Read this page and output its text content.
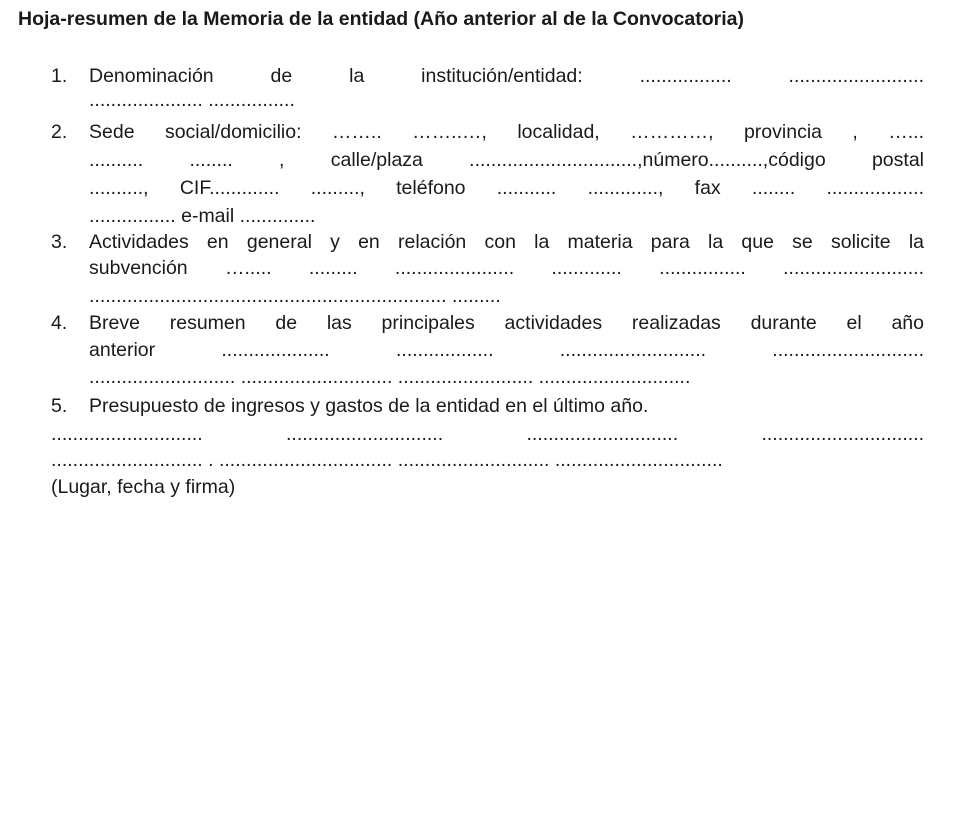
Hoja-resumen de la Memoria de la entidad (Año anterior al de la Convocatoria)
1. Denominación de la institución/entidad: ................. .........................
..................... ................
2. Sede social/domicilio: …….. ……..…, localidad, …………, provincia , …...
.......... ........ , calle/plaza ...............................,número..........,código postal
.........., CIF............. ........., teléfono ........... ............., fax ........ ..................
................ e-mail ..............
3. Actividades en general y en relación con la materia para la que se solicite la
subvención …..... ......... ...................... ............. ................ ..........................
.................................................................. .........
4. Breve resumen de las principales actividades realizadas durante el año
anterior .................... .................. ........................... ............................
........................... ............................ ......................... ............................
5. Presupuesto de ingresos y gastos de la entidad en el último año.
............................ ............................. ............................ ..............................
............................ . ................................ ............................ ...............................
(Lugar, fecha y firma)
